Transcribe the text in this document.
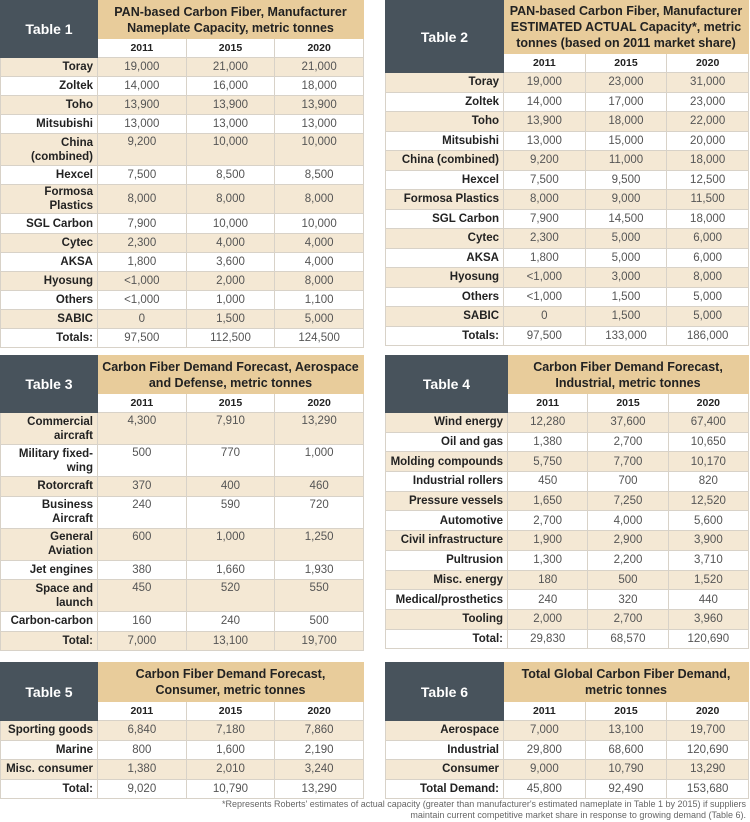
Table 1	PAN-based Carbon Fiber, Manufacturer Nameplate Capacity, metric tonnes		
	2011	2015	2020
Toray	19,000	21,000	21,000
Zoltek	14,000	16,000	18,000
Toho	13,900	13,900	13,900
Mitsubishi	13,000	13,000	13,000
China (combined)	9,200	10,000	10,000
Hexcel	7,500	8,500	8,500
Formosa Plastics	8,000	8,000	8,000
SGL Carbon	7,900	10,000	10,000
Cytec	2,300	4,000	4,000
AKSA	1,800	3,600	4,000
Hyosung	<1,000	2,000	8,000
Others	<1,000	1,000	1,100
SABIC	0	1,500	5,000
Totals:	97,500	112,500	124,500
Table 2	PAN-based Carbon Fiber, Manufacturer ESTIMATED ACTUAL Capacity*, metric tonnes (based on 2011 market share)		
	2011	2015	2020
Toray	19,000	23,000	31,000
Zoltek	14,000	17,000	23,000
Toho	13,900	18,000	22,000
Mitsubishi	13,000	15,000	20,000
China (combined)	9,200	11,000	18,000
Hexcel	7,500	9,500	12,500
Formosa Plastics	8,000	9,000	11,500
SGL Carbon	7,900	14,500	18,000
Cytec	2,300	5,000	6,000
AKSA	1,800	5,000	6,000
Hyosung	<1,000	3,000	8,000
Others	<1,000	1,500	5,000
SABIC	0	1,500	5,000
Totals:	97,500	133,000	186,000
Table 3	Carbon Fiber Demand Forecast, Aerospace and Defense, metric tonnes		
	2011	2015	2020
Commercial aircraft	4,300	7,910	13,290
Military fixed-wing	500	770	1,000
Rotorcraft	370	400	460
Business Aircraft	240	590	720
General Aviation	600	1,000	1,250
Jet engines	380	1,660	1,930
Space and launch	450	520	550
Carbon-carbon	160	240	500
Total:	7,000	13,100	19,700
Table 4	Carbon Fiber Demand Forecast, Industrial, metric tonnes		
	2011	2015	2020
Wind energy	12,280	37,600	67,400
Oil and gas	1,380	2,700	10,650
Molding compounds	5,750	7,700	10,170
Industrial rollers	450	700	820
Pressure vessels	1,650	7,250	12,520
Automotive	2,700	4,000	5,600
Civil infrastructure	1,900	2,900	3,900
Pultrusion	1,300	2,200	3,710
Misc. energy	180	500	1,520
Medical/prosthetics	240	320	440
Tooling	2,000	2,700	3,960
Total:	29,830	68,570	120,690
Table 5	Carbon Fiber Demand Forecast, Consumer, metric tonnes		
	2011	2015	2020
Sporting goods	6,840	7,180	7,860
Marine	800	1,600	2,190
Misc. consumer	1,380	2,010	3,240
Total:	9,020	10,790	13,290
Table 6	Total Global Carbon Fiber Demand, metric tonnes		
	2011	2015	2020
Aerospace	7,000	13,100	19,700
Industrial	29,800	68,600	120,690
Consumer	9,000	10,790	13,290
Total Demand:	45,800	92,490	153,680
*Represents Roberts' estimates of actual capacity (greater than manufacturer's estimated nameplate in Table 1 by 2015) if suppliers maintain current competitive market share in response to growing demand (Table 6).
